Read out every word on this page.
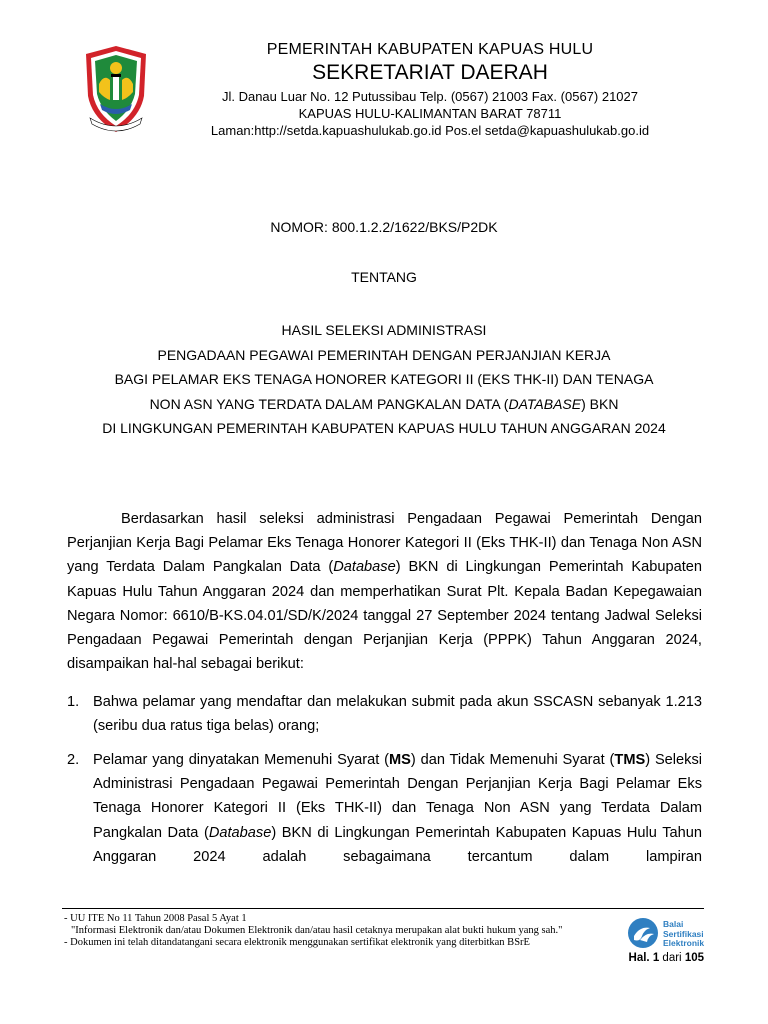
PEMERINTAH KABUPATEN KAPUAS HULU
SEKRETARIAT DAERAH
Jl. Danau Luar No. 12 Putussibau Telp. (0567) 21003 Fax. (0567) 21027
KAPUAS HULU-KALIMANTAN BARAT 78711
Laman:http://setda.kapuashulukab.go.id Pos.el setda@kapuashulukab.go.id
NOMOR: 800.1.2.2/1622/BKS/P2DK
TENTANG
HASIL SELEKSI ADMINISTRASI
PENGADAAN PEGAWAI PEMERINTAH DENGAN PERJANJIAN KERJA
BAGI PELAMAR EKS TENAGA HONORER KATEGORI II (EKS THK-II) DAN TENAGA
NON ASN YANG TERDATA DALAM PANGKALAN DATA (DATABASE) BKN
DI LINGKUNGAN PEMERINTAH KABUPATEN KAPUAS HULU TAHUN ANGGARAN 2024
Berdasarkan hasil seleksi administrasi Pengadaan Pegawai Pemerintah Dengan Perjanjian Kerja Bagi Pelamar Eks Tenaga Honorer Kategori II (Eks THK-II) dan Tenaga Non ASN yang Terdata Dalam Pangkalan Data (Database) BKN di Lingkungan Pemerintah Kabupaten Kapuas Hulu Tahun Anggaran 2024 dan memperhatikan Surat Plt. Kepala Badan Kepegawaian Negara Nomor: 6610/B-KS.04.01/SD/K/2024 tanggal 27 September 2024 tentang Jadwal Seleksi Pengadaan Pegawai Pemerintah dengan Perjanjian Kerja (PPPK) Tahun Anggaran 2024, disampaikan hal-hal sebagai berikut:
1. Bahwa pelamar yang mendaftar dan melakukan submit pada akun SSCASN sebanyak 1.213 (seribu dua ratus tiga belas) orang;
2. Pelamar yang dinyatakan Memenuhi Syarat (MS) dan Tidak Memenuhi Syarat (TMS) Seleksi Administrasi Pengadaan Pegawai Pemerintah Dengan Perjanjian Kerja Bagi Pelamar Eks Tenaga Honorer Kategori II (Eks THK-II) dan Tenaga Non ASN yang Terdata Dalam Pangkalan Data (Database) BKN di Lingkungan Pemerintah Kabupaten Kapuas Hulu Tahun Anggaran 2024 adalah sebagaimana tercantum dalam lampiran
- UU ITE No 11 Tahun 2008 Pasal 5 Ayat 1
"Informasi Elektronik dan/atau Dokumen Elektronik dan/atau hasil cetaknya merupakan alat bukti hukum yang sah."
- Dokumen ini telah ditandatangani secara elektronik menggunakan sertifikat elektronik yang diterbitkan BSrE
Balai
Sertifikasi
Elektronik
Hal. 1 dari 105
